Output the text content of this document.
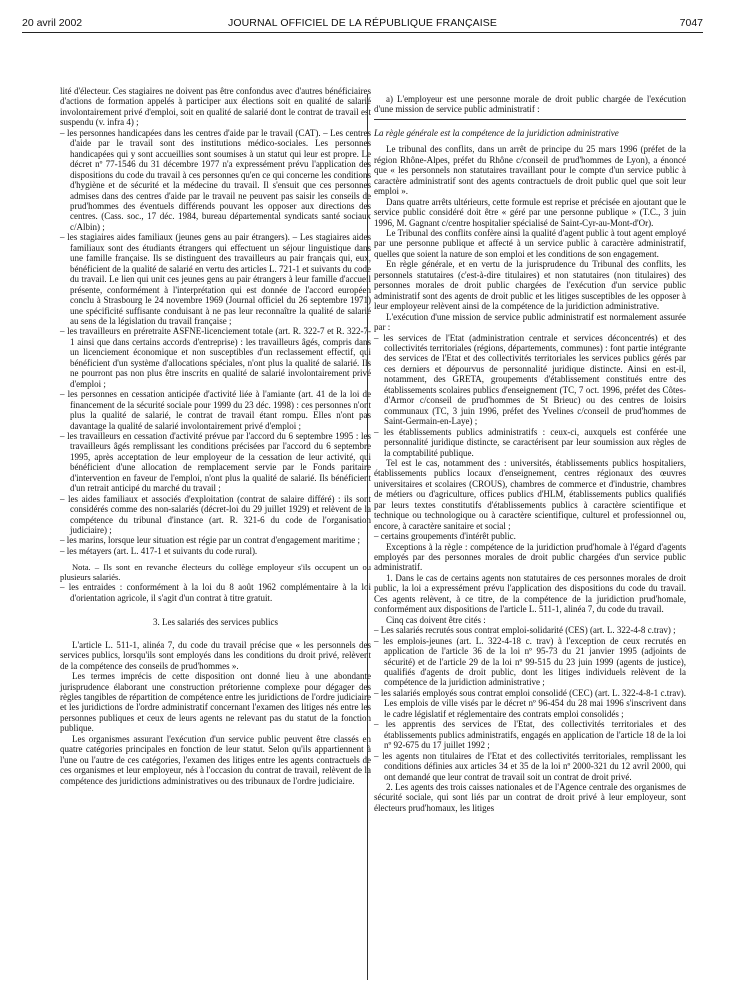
20 avril 2002	JOURNAL OFFICIEL DE LA RÉPUBLIQUE FRANÇAISE	7047

lité d'électeur. Ces stagiaires ne doivent pas être confondus avec d'autres bénéficiaires d'actions de formation appelés à participer aux élections soit en qualité de salarié involontairement privé d'emploi, soit en qualité de salarié dont le contrat de travail est suspendu (v. infra 4) ;

– les personnes handicapées dans les centres d'aide par le travail (CAT). – Les centres d'aide par le travail sont des institutions médico-sociales. Les personnes handicapées qui y sont accueillies sont soumises à un statut qui leur est propre. Le décret nº 77-1546 du 31 décembre 1977 n'a expressément prévu l'application des dispositions du code du travail à ces personnes qu'en ce qui concerne les conditions d'hygiène et de sécurité et la médecine du travail. Il s'ensuit que ces personnes admises dans des centres d'aide par le travail ne peuvent pas saisir les conseils de prud'hommes des éventuels différends pouvant les opposer aux directions des centres. (Cass. soc., 17 déc. 1984, bureau départemental syndicats santé sociaux c/Albin) ;

– les stagiaires aides familiaux (jeunes gens au pair étrangers). – Les stagiaires aides familiaux sont des étudiants étrangers qui effectuent un séjour linguistique dans une famille française. Ils se distinguent des travailleurs au pair français qui, eux, bénéficient de la qualité de salarié en vertu des articles L. 721-1 et suivants du code du travail. Le lien qui unit ces jeunes gens au pair étrangers à leur famille d'accueil présente, conformément à l'interprétation qui est donnée de l'accord européen conclu à Strasbourg le 24 novembre 1969 (Journal officiel du 26 septembre 1971) une spécificité suffisante conduisant à ne pas leur reconnaître la qualité de salarié au sens de la législation du travail française ;

– les travailleurs en préretraite ASFNE-licenciement totale (art. R. 322-7 et R. 322-7-1 ainsi que dans certains accords d'entreprise) : les travailleurs âgés, compris dans un licenciement économique et non susceptibles d'un reclassement effectif, qui bénéficient d'un système d'allocations spéciales, n'ont plus la qualité de salarié. Ils ne pourront pas non plus être inscrits en qualité de salarié involontairement privé d'emploi ;

– les personnes en cessation anticipée d'activité liée à l'amiante (art. 41 de la loi de financement de la sécurité sociale pour 1999 du 23 déc. 1998) : ces personnes n'ont plus la qualité de salarié, le contrat de travail étant rompu. Elles n'ont pas davantage la qualité de salarié involontairement privé d'emploi ;

– les travailleurs en cessation d'activité prévue par l'accord du 6 septembre 1995 : les travailleurs âgés remplissant les conditions précisées par l'accord du 6 septembre 1995, après acceptation de leur employeur de la cessation de leur activité, qui bénéficient d'une allocation de remplacement servie par le Fonds paritaire d'intervention en faveur de l'emploi, n'ont plus la qualité de salarié. Ils bénéficient d'un retrait anticipé du marché du travail ;

– les aides familiaux et associés d'exploitation (contrat de salaire différé) : ils sont considérés comme des non-salariés (décret-loi du 29 juillet 1929) et relèvent de la compétence du tribunal d'instance (art. R. 321-6 du code de l'organisation judiciaire) ;

– les marins, lorsque leur situation est régie par un contrat d'engagement maritime ;

– les métayers (art. L. 417-1 et suivants du code rural).

Nota. – Ils sont en revanche électeurs du collège employeur s'ils occupent un ou plusieurs salariés.

– les entraides : conformément à la loi du 8 août 1962 complémentaire à la loi d'orientation agricole, il s'agit d'un contrat à titre gratuit.

3. Les salariés des services publics

L'article L. 511-1, alinéa 7, du code du travail précise que « les personnels des services publics, lorsqu'ils sont employés dans les conditions du droit privé, relèvent de la compétence des conseils de prud'hommes ».

Les termes imprécis de cette disposition ont donné lieu à une abondante jurisprudence élaborant une construction prétorienne complexe pour dégager des règles tangibles de répartition de compétence entre les juridictions de l'ordre judiciaire et les juridictions de l'ordre administratif concernant l'examen des litiges nés entre les personnes publiques et ceux de leurs agents ne relevant pas du statut de la fonction publique.

Les organismes assurant l'exécution d'un service public peuvent être classés en quatre catégories principales en fonction de leur statut. Selon qu'ils appartiennent à l'une ou l'autre de ces catégories, l'examen des litiges entre les agents contractuels de ces organismes et leur employeur, nés à l'occasion du contrat de travail, relèvent de la compétence des juridictions administratives ou des tribunaux de l'ordre judiciaire.

a) L'employeur est une personne morale de droit public chargée de l'exécution d'une mission de service public administratif :

La règle générale est la compétence de la juridiction administrative

Le tribunal des conflits, dans un arrêt de principe du 25 mars 1996 (préfet de la région Rhône-Alpes, préfet du Rhône c/conseil de prud'hommes de Lyon), a énoncé que « les personnels non statutaires travaillant pour le compte d'un service public à caractère administratif sont des agents contractuels de droit public quel que soit leur emploi ».

Dans quatre arrêts ultérieurs, cette formule est reprise et précisée en ajoutant que le service public considéré doit être « géré par une personne publique » (T.C., 3 juin 1996, M. Gagnant c/centre hospitalier spécialisé de Saint-Cyr-au-Mont-d'Or).

Le Tribunal des conflits confère ainsi la qualité d'agent public à tout agent employé par une personne publique et affecté à un service public à caractère administratif, quelles que soient la nature de son emploi et les conditions de son engagement.

En règle générale, et en vertu de la jurisprudence du Tribunal des conflits, les personnels statutaires (c'est-à-dire titulaires) et non statutaires (non titulaires) des personnes morales de droit public chargées de l'exécution d'un service public administratif sont des agents de droit public et les litiges susceptibles de les opposer à leur employeur relèvent ainsi de la compétence de la juridiction administrative.

L'exécution d'une mission de service public administratif est normalement assurée par :

– les services de l'Etat (administration centrale et services déconcentrés) et des collectivités territoriales (régions, départements, communes) : font partie intégrante des services de l'Etat et des collectivités territoriales les services publics gérés par ces derniers et dépourvus de personnalité juridique distincte. Ainsi en est-il, notamment, des GRETA, groupements d'établissement constitués entre des établissements scolaires publics d'enseignement (TC, 7 oct. 1996, préfet des Côtes-d'Armor c/conseil de prud'hommes de St Brieuc) ou des centres de loisirs communaux (TC, 3 juin 1996, préfet des Yvelines c/conseil de prud'hommes de Saint-Germain-en-Laye) ;

– les établissements publics administratifs : ceux-ci, auxquels est conférée une personnalité juridique distincte, se caractérisent par leur soumission aux règles de la comptabilité publique.

Tel est le cas, notamment des : universités, établissements publics hospitaliers, établissements publics locaux d'enseignement, centres régionaux des œuvres universitaires et scolaires (CROUS), chambres de commerce et d'industrie, chambres de métiers ou d'agriculture, offices publics d'HLM, établissements publics qualifiés par leurs textes constitutifs d'établissements publics à caractère scientifique et technique ou technologique ou à caractère scientifique, culturel et professionnel ou, encore, à caractère sanitaire et social ;

– certains groupements d'intérêt public.

Exceptions à la règle : compétence de la juridiction prud'homale à l'égard d'agents employés par des personnes morales de droit public chargées d'un service public administratif.

1. Dans le cas de certains agents non statutaires de ces personnes morales de droit public, la loi a expressément prévu l'application des dispositions du code du travail. Ces agents relèvent, à ce titre, de la compétence de la juridiction prud'homale, conformément aux dispositions de l'article L. 511-1, alinéa 7, du code du travail.

Cinq cas doivent être cités :

– Les salariés recrutés sous contrat emploi-solidarité (CES) (art. L. 322-4-8 c.trav) ;

– les emplois-jeunes (art. L. 322-4-18 c. trav) à l'exception de ceux recrutés en application de l'article 36 de la loi nº 95-73 du 21 janvier 1995 (adjoints de sécurité) et de l'article 29 de la loi nº 99-515 du 23 juin 1999 (agents de justice), qualifiés d'agents de droit public, dont les litiges individuels relèvent de la compétence de la juridiction administrative ;

– les salariés employés sous contrat emploi consolidé (CEC) (art. L. 322-4-8-1 c.trav). Les emplois de ville visés par le décret nº 96-454 du 28 mai 1996 s'inscrivent dans le cadre législatif et réglementaire des contrats emploi consolidés ;

– les apprentis des services de l'Etat, des collectivités territoriales et des établissements publics administratifs, engagés en application de l'article 18 de la loi nº 92-675 du 17 juillet 1992 ;

– les agents non titulaires de l'Etat et des collectivités territoriales, remplissant les conditions définies aux articles 34 et 35 de la loi nº 2000-321 du 12 avril 2000, qui ont demandé que leur contrat de travail soit un contrat de droit privé.

2. Les agents des trois caisses nationales et de l'Agence centrale des organismes de sécurité sociale, qui sont liés par un contrat de droit privé à leur employeur, sont électeurs prud'homaux, les litiges
